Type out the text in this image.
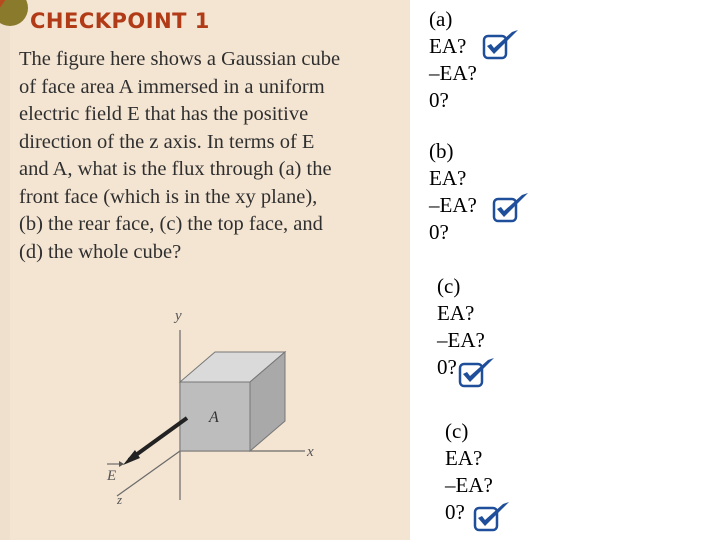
CHECKPOINT 1

The figure here shows a Gaussian cube
of face area A immersed in a uniform
electric field E that has the positive
direction of the z axis. In terms of E
and A, what is the flux through (a) the
front face (which is in the xy plane),
(b) the rear face, (c) the top face, and
(d) the whole cube?

y
x
z
A
E
(a)
EA?
–EA?
0?
(b)
EA?
–EA?
0?
(c)
EA?
–EA?
0?
(c)
EA?
–EA?
0?
